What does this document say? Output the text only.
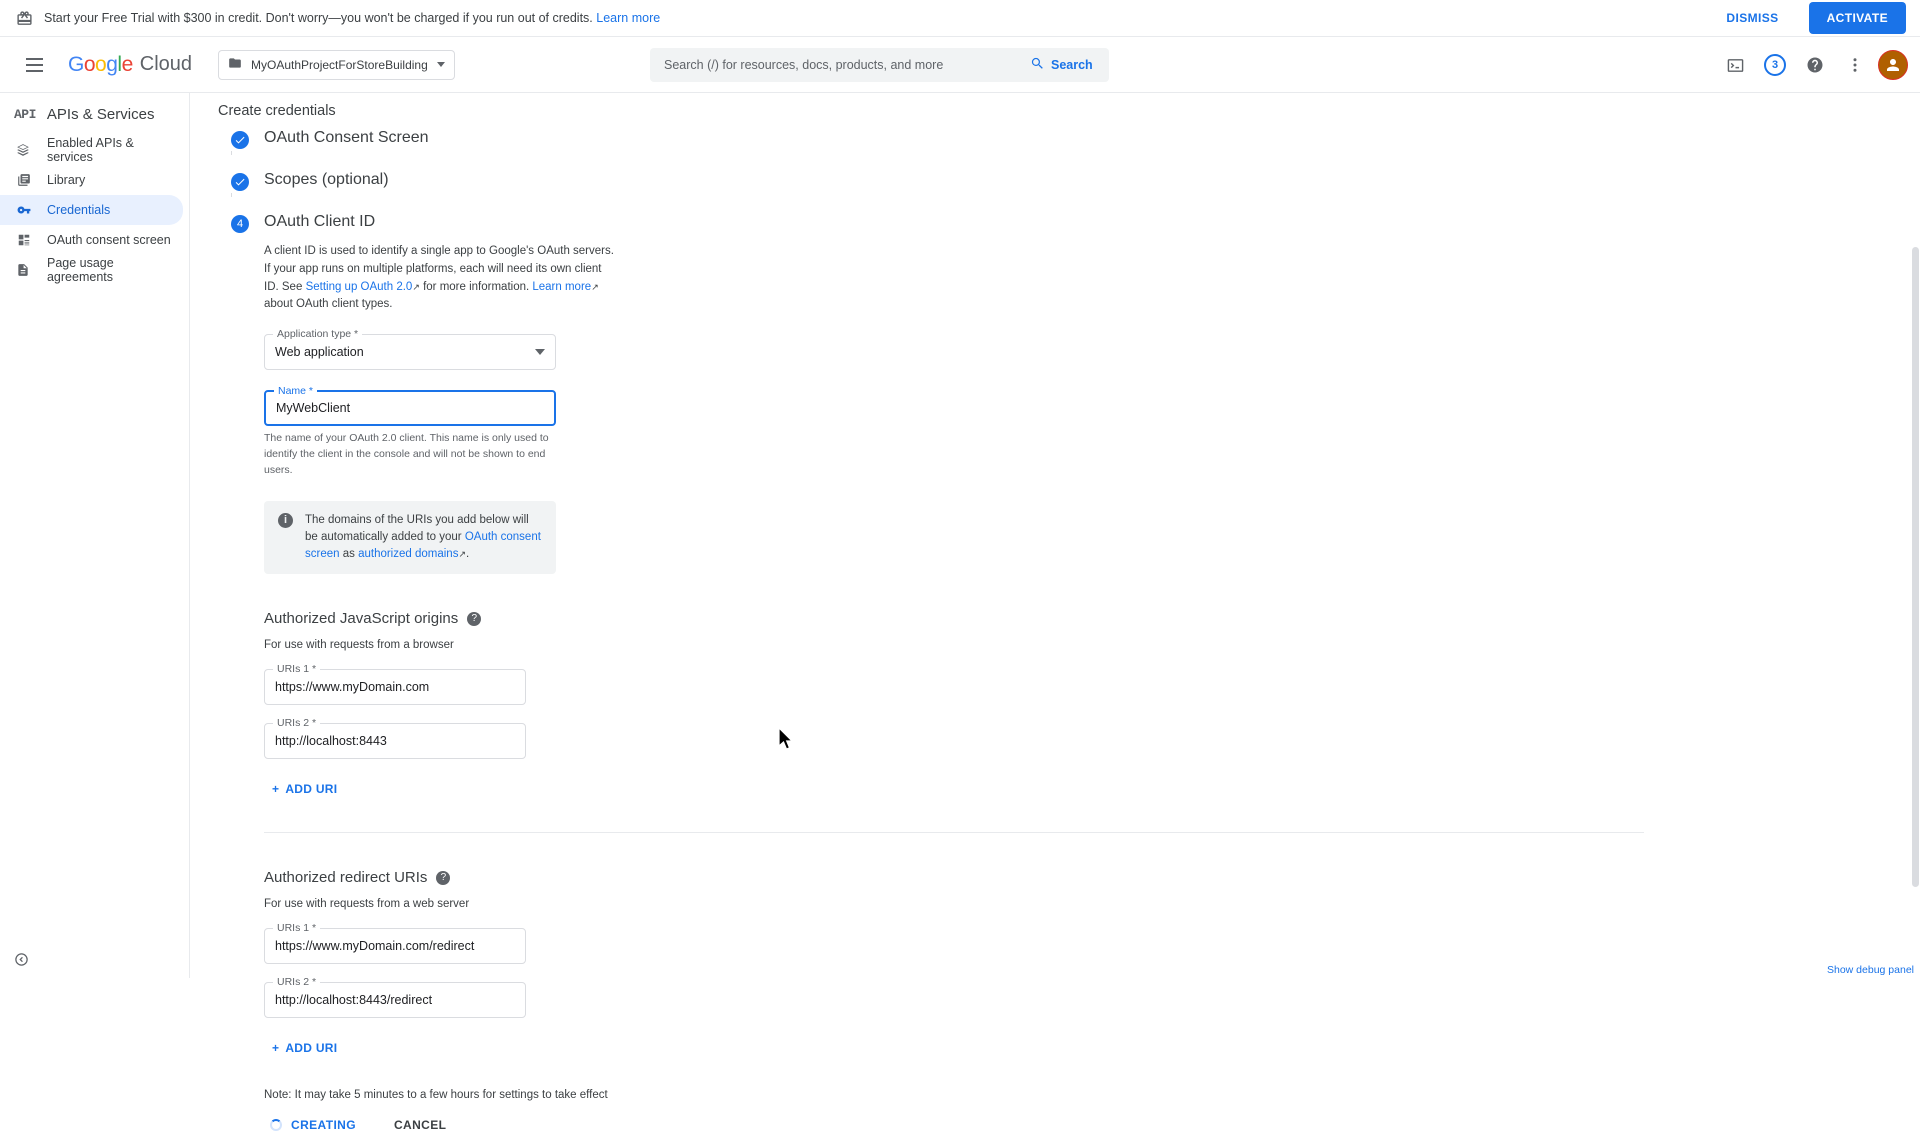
Start your Free Trial with $300 in credit. Don't worry—you won't be charged if you run out of credits. Learn more	DISMISS	ACTIVATE
Google Cloud	MyOAuthProjectForStoreBuilding
Search (/) for resources, docs, products, and more	Search	3
API APIs & Services
Enabled APIs & services
Library
Credentials
OAuth consent screen
Page usage agreements
Create credentials
OAuth Consent Screen
Scopes (optional)
4	OAuth Client ID
A client ID is used to identify a single app to Google's OAuth servers. If your app runs on multiple platforms, each will need its own client ID. See Setting up OAuth 2.0↗ for more information. Learn more↗ about OAuth client types.
Application type *
Web application
Name *
MyWebClient
The name of your OAuth 2.0 client. This name is only used to identify the client in the console and will not be shown to end users.
i	The domains of the URIs you add below will be automatically added to your OAuth consent screen as authorized domains↗.
Authorized JavaScript origins	?
For use with requests from a browser
URIs 1 *
https://www.myDomain.com
URIs 2 *
http://localhost:8443
+ ADD URI
Authorized redirect URIs	?
For use with requests from a web server
URIs 1 *
https://www.myDomain.com/redirect
URIs 2 *
http://localhost:8443/redirect
+ ADD URI
Note: It may take 5 minutes to a few hours for settings to take effect
CREATING	CANCEL
Show debug panel
